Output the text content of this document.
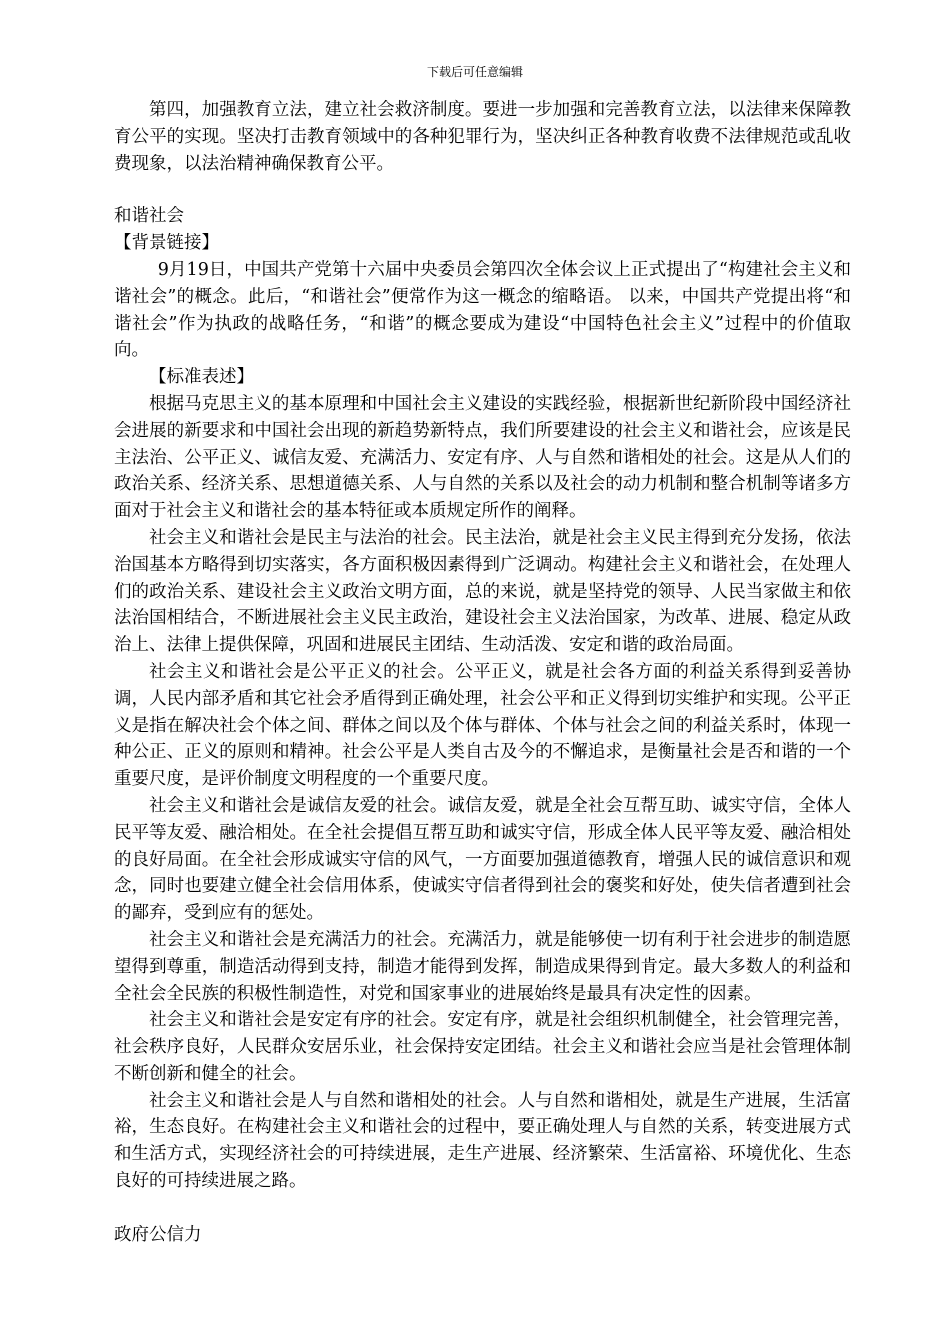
下载后可任意编辑

第四，加强教育立法，建立社会救济制度。要进一步加强和完善教育立法，以法律来保障教育公平的实现。坚决打击教育领域中的各种犯罪行为，坚决纠正各种教育收费不法律规范或乱收费现象，以法治精神确保教育公平。

和谐社会

【背景链接】

9月19日，中国共产党第十六届中央委员会第四次全体会议上正式提出了“构建社会主义和谐社会”的概念。此后，“和谐社会”便常作为这一概念的缩略语。 以来，中国共产党提出将“和谐社会”作为执政的战略任务，“和谐”的概念要成为建设“中国特色社会主义”过程中的价值取向。

【标准表述】

根据马克思主义的基本原理和中国社会主义建设的实践经验，根据新世纪新阶段中国经济社会进展的新要求和中国社会出现的新趋势新特点，我们所要建设的社会主义和谐社会，应该是民主法治、公平正义、诚信友爱、充满活力、安定有序、人与自然和谐相处的社会。这是从人们的政治关系、经济关系、思想道德关系、人与自然的关系以及社会的动力机制和整合机制等诸多方面对于社会主义和谐社会的基本特征或本质规定所作的阐释。

社会主义和谐社会是民主与法治的社会。民主法治，就是社会主义民主得到充分发扬，依法治国基本方略得到切实落实，各方面积极因素得到广泛调动。构建社会主义和谐社会，在处理人们的政治关系、建设社会主义政治文明方面，总的来说，就是坚持党的领导、人民当家做主和依法治国相结合，不断进展社会主义民主政治，建设社会主义法治国家，为改革、进展、稳定从政治上、法律上提供保障，巩固和进展民主团结、生动活泼、安定和谐的政治局面。

社会主义和谐社会是公平正义的社会。公平正义，就是社会各方面的利益关系得到妥善协调，人民内部矛盾和其它社会矛盾得到正确处理，社会公平和正义得到切实维护和实现。公平正义是指在解决社会个体之间、群体之间以及个体与群体、个体与社会之间的利益关系时，体现一种公正、正义的原则和精神。社会公平是人类自古及今的不懈追求，是衡量社会是否和谐的一个重要尺度，是评价制度文明程度的一个重要尺度。

社会主义和谐社会是诚信友爱的社会。诚信友爱，就是全社会互帮互助、诚实守信，全体人民平等友爱、融洽相处。在全社会提倡互帮互助和诚实守信，形成全体人民平等友爱、融洽相处的良好局面。在全社会形成诚实守信的风气，一方面要加强道德教育，增强人民的诚信意识和观念，同时也要建立健全社会信用体系，使诚实守信者得到社会的褒奖和好处，使失信者遭到社会的鄙弃，受到应有的惩处。

社会主义和谐社会是充满活力的社会。充满活力，就是能够使一切有利于社会进步的制造愿望得到尊重，制造活动得到支持，制造才能得到发挥，制造成果得到肯定。最大多数人的利益和全社会全民族的积极性制造性，对党和国家事业的进展始终是最具有决定性的因素。

社会主义和谐社会是安定有序的社会。安定有序，就是社会组织机制健全，社会管理完善，社会秩序良好，人民群众安居乐业，社会保持安定团结。社会主义和谐社会应当是社会管理体制不断创新和健全的社会。

社会主义和谐社会是人与自然和谐相处的社会。人与自然和谐相处，就是生产进展，生活富裕，生态良好。在构建社会主义和谐社会的过程中，要正确处理人与自然的关系，转变进展方式和生活方式，实现经济社会的可持续进展，走生产进展、经济繁荣、生活富裕、环境优化、生态良好的可持续进展之路。

政府公信力
